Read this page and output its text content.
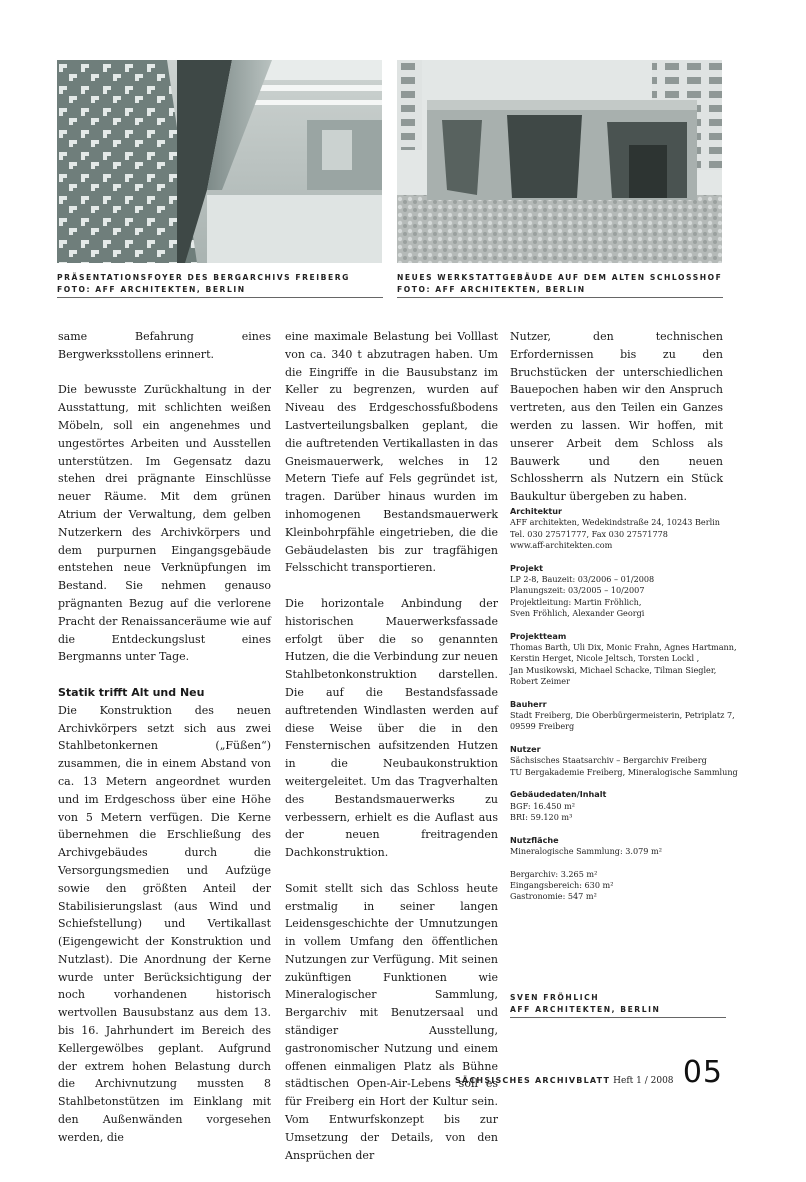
PRÄSENTATIONSFOYER DES BERGARCHIVS FREIBERG
FOTO: AFF ARCHITEKTEN, BERLIN
NEUES WERKSTATTGEBÄUDE AUF DEM ALTEN SCHLOSSHOF
FOTO: AFF ARCHITEKTEN, BERLIN

same Befahrung eines Bergwerksstollens erinnert.

Die bewusste Zurückhaltung in der Ausstattung, mit schlichten weißen Möbeln, soll ein angenehmes und ungestörtes Arbeiten und Ausstellen unterstützen. Im Gegensatz dazu stehen drei prägnante Einschlüsse neuer Räume. Mit dem grünen Atrium der Verwaltung, dem gelben Nutzerkern des Archivkörpers und dem purpurnen Eingangsgebäude entstehen neue Verknüpfungen im Bestand. Sie nehmen genauso prägnanten Bezug auf die verlorene Pracht der Renaissanceräume wie auf die Entdeckungslust eines Bergmanns unter Tage.

Statik trifft Alt und Neu

Die Konstruktion des neuen Archivkörpers setzt sich aus zwei Stahlbetonkernen („Füßen“) zusammen, die in einem Abstand von ca. 13 Metern angeordnet wurden und im Erdgeschoss über eine Höhe von 5 Metern verfügen. Die Kerne übernehmen die Erschließung des Archivgebäudes durch die Versorgungsmedien und Aufzüge sowie den größten Anteil der Stabilisierungslast (aus Wind und Schiefstellung) und Vertikallast (Eigengewicht der Konstruktion und Nutzlast). Die Anordnung der Kerne wurde unter Berücksichtigung der noch vorhandenen historisch wertvollen Bausubstanz aus dem 13. bis 16. Jahrhundert im Bereich des Kellergewölbes geplant. Aufgrund der extrem hohen Belastung durch die Archivnutzung mussten 8 Stahlbetonstützen im Einklang mit den Außenwänden vorgesehen werden, die

eine maximale Belastung bei Volllast von ca. 340 t abzutragen haben. Um die Eingriffe in die Bausubstanz im Keller zu begrenzen, wurden auf Niveau des Erdgeschossfußbodens Lastverteilungsbalken geplant, die die auftretenden Vertikallasten in das Gneismauerwerk, welches in 12 Metern Tiefe auf Fels gegründet ist, tragen. Darüber hinaus wurden im inhomogenen Bestandsmauerwerk Kleinbohrpfähle eingetrieben, die die Gebäudelasten bis zur tragfähigen Felsschicht transportieren.

Die horizontale Anbindung der historischen Mauerwerksfassade erfolgt über die so genannten Hutzen, die die Verbindung zur neuen Stahlbetonkonstruktion darstellen. Die auf die Bestandsfassade auftretenden Windlasten werden auf diese Weise über die in den Fensternischen aufsitzenden Hutzen in die Neubaukonstruktion weitergeleitet. Um das Tragverhalten des Bestandsmauerwerks zu verbessern, erhielt es die Auflast aus der neuen freitragenden Dachkonstruktion.

Somit stellt sich das Schloss heute erstmalig in seiner langen Leidensgeschichte der Umnutzungen in vollem Umfang den öffentlichen Nutzungen zur Verfügung. Mit seinen zukünftigen Funktionen wie Mineralogischer Sammlung, Bergarchiv mit Benutzersaal und ständiger Ausstellung, gastronomischer Nutzung und einem offenen einmaligen Platz als Bühne städtischen Open-Air-Lebens soll es für Freiberg ein Hort der Kultur sein. Vom Entwurfskonzept bis zur Umsetzung der Details, von den Ansprüchen der

Nutzer, den technischen Erfordernissen bis zu den Bruchstücken der unterschiedlichen Bauepochen haben wir den Anspruch vertreten, aus den Teilen ein Ganzes werden zu lassen. Wir hoffen, mit unserer Arbeit dem Schloss als Bauwerk und den neuen Schlossherrn als Nutzern ein Stück Baukultur übergeben zu haben.

Architektur
AFF architekten, Wedekindstraße 24, 10243 Berlin
Tel. 030 27571777, Fax 030 27571778
www.aff-architekten.com
Projekt
LP 2-8, Bauzeit: 03/2006 – 01/2008
Planungszeit: 03/2005 – 10/2007
Projektleitung: Martin Fröhlich,
Sven Fröhlich, Alexander Georgi
Projektteam
Thomas Barth, Uli Dix, Monic Frahn, Agnes Hartmann,
Kerstin Herget, Nicole Jeltsch, Torsten Lockl ,
Jan Musikowski, Michael Schacke, Tilman Siegler,
Robert Zeimer
Bauherr
Stadt Freiberg, Die Oberbürgermeisterin, Petriplatz 7,
09599 Freiberg
Nutzer
Sächsisches Staatsarchiv – Bergarchiv Freiberg
TU Bergakademie Freiberg, Mineralogische Sammlung
Gebäudedaten/Inhalt
BGF: 16.450 m²
BRI: 59.120 m³
Nutzfläche
Mineralogische Sammlung: 3.079 m²
Bergarchiv: 3.265 m²
Eingangsbereich: 630 m²
Gastronomie: 547 m²
SVEN FRÖHLICH
AFF ARCHITEKTEN, BERLIN
SÄCHSISCHES ARCHIVBLATT Heft 1 / 2008 05
